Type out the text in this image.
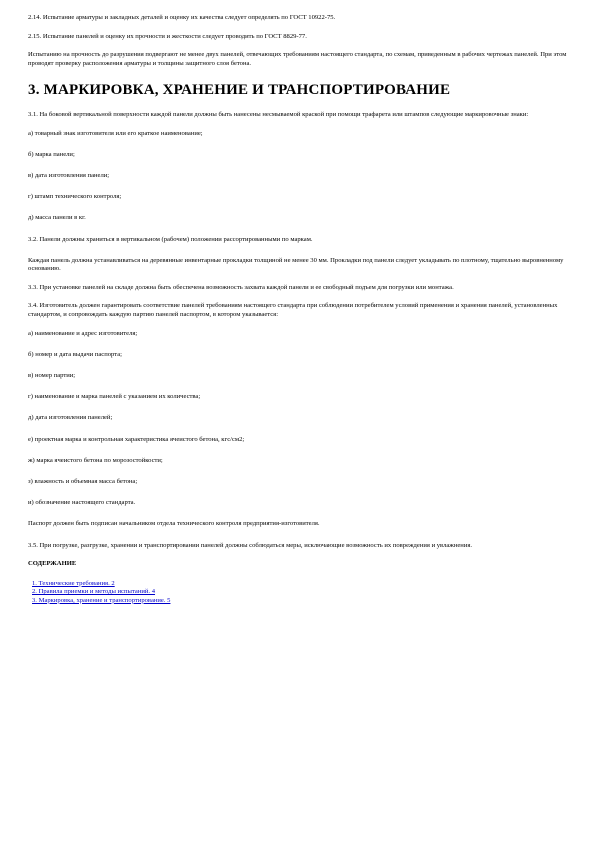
2.14. Испытание арматуры и закладных деталей и оценку их качества следует определять по ГОСТ 10922-75.

2.15. Испытание панелей и оценку их прочности и жесткости следует проводить по ГОСТ 8829-77.

Испытанию на прочность до разрушения подвергают не менее двух панелей, отвечающих требованиям настоящего стандарта, по схемам, приведенным в рабочих чертежах панелей. При этом проводят проверку расположения арматуры и толщины защитного слоя бетона.

3. МАРКИРОВКА, ХРАНЕНИЕ И ТРАНСПОРТИРОВАНИЕ

3.1. На боковой вертикальной поверхности каждой панели должны быть нанесены несмываемой краской при помощи трафарета или штампов следующие маркировочные знаки:

а) товарный знак изготовителя или его краткое наименование;

б) марка панели;

в) дата изготовления панели;

г) штамп технического контроля;

д) масса панели в кг.

3.2. Панели должны храниться в вертикальном (рабочем) положении рассортированными по маркам.

Каждая панель должна устанавливаться на деревянные инвентарные прокладки толщиной не менее 30 мм. Прокладки под панели следует укладывать по плотному, тщательно выровненному основанию.

3.3. При установке панелей на складе должна быть обеспечена возможность захвата каждой панели и ее свободный подъем для погрузки или монтажа.

3.4. Изготовитель должен гарантировать соответствие панелей требованиям настоящего стандарта при соблюдении потребителем условий применения и хранения панелей, установленных стандартом, и сопровождать каждую партию панелей паспортом, в котором указывается:

а) наименование и адрес изготовителя;

б) номер и дата выдачи паспорта;

в) номер партии;

г) наименование и марка панелей с указанием их количества;

д) дата изготовления панелей;

е) проектная марка и контрольная характеристика ячеистого бетона, кгс/см2;

ж) марка ячеистого бетона по морозостойкости;

з) влажность и объемная масса бетона;

и) обозначение настоящего стандарта.

Паспорт должен быть подписан начальником отдела технического контроля предприятия-изготовителя.

3.5. При погрузке, разгрузке, хранении и транспортировании панелей должны соблюдаться меры, исключающие возможность их повреждения и увлажнения.

СОДЕРЖАНИЕ
1. Технические требования. 2
2. Правила приемки и методы испытаний. 4
3. Маркировка, хранение и транспортирование. 5
